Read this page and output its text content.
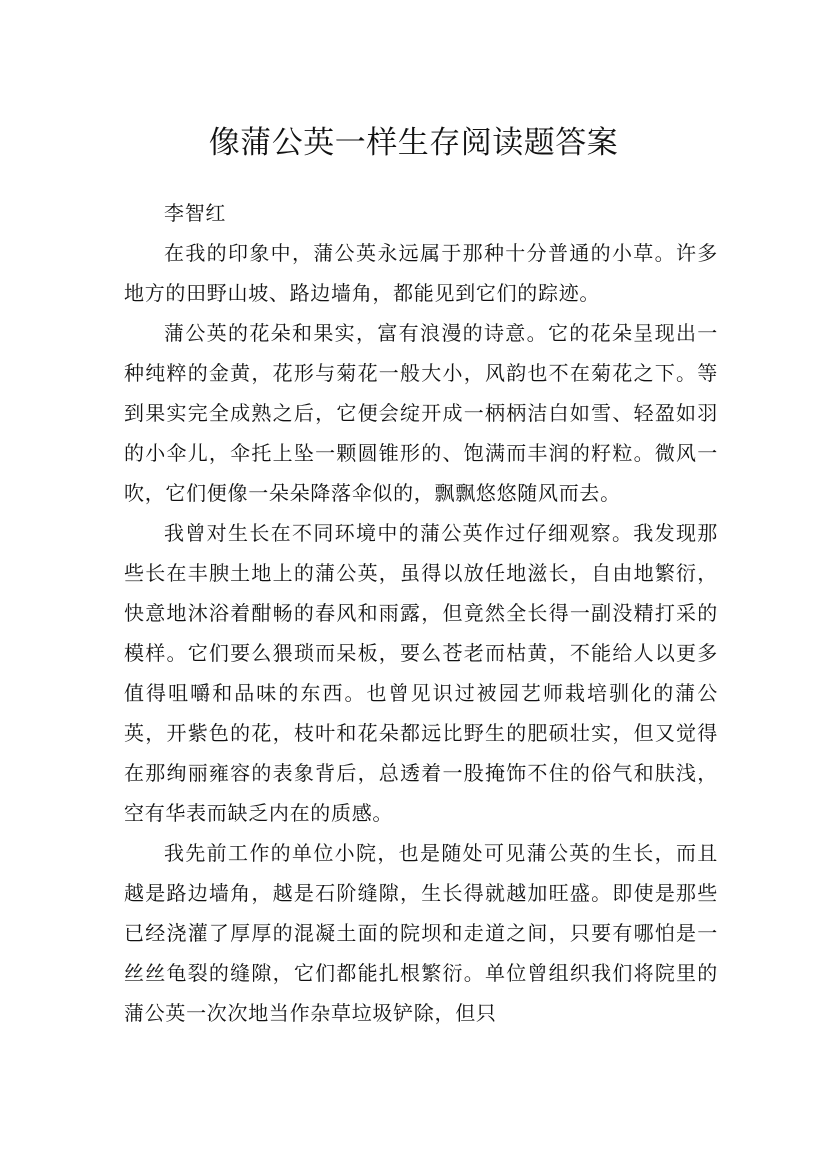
像蒲公英一样生存阅读题答案

李智红

在我的印象中，蒲公英永远属于那种十分普通的小草。许多地方的田野山坡、路边墙角，都能见到它们的踪迹。

蒲公英的花朵和果实，富有浪漫的诗意。它的花朵呈现出一种纯粹的金黄，花形与菊花一般大小，风韵也不在菊花之下。等到果实完全成熟之后，它便会绽开成一柄柄洁白如雪、轻盈如羽的小伞儿，伞托上坠一颗圆锥形的、饱满而丰润的籽粒。微风一吹，它们便像一朵朵降落伞似的，飘飘悠悠随风而去。

我曾对生长在不同环境中的蒲公英作过仔细观察。我发现那些长在丰腴土地上的蒲公英，虽得以放任地滋长，自由地繁衍，快意地沐浴着酣畅的春风和雨露，但竟然全长得一副没精打采的模样。它们要么猥琐而呆板，要么苍老而枯黄，不能给人以更多值得咀嚼和品味的东西。也曾见识过被园艺师栽培驯化的蒲公英，开紫色的花，枝叶和花朵都远比野生的肥硕壮实，但又觉得在那绚丽雍容的表象背后，总透着一股掩饰不住的俗气和肤浅，空有华表而缺乏内在的质感。

我先前工作的单位小院，也是随处可见蒲公英的生长，而且越是路边墙角，越是石阶缝隙，生长得就越加旺盛。即使是那些已经浇灌了厚厚的混凝土面的院坝和走道之间，只要有哪怕是一丝丝龟裂的缝隙，它们都能扎根繁衍。单位曾组织我们将院里的蒲公英一次次地当作杂草垃圾铲除，但只
